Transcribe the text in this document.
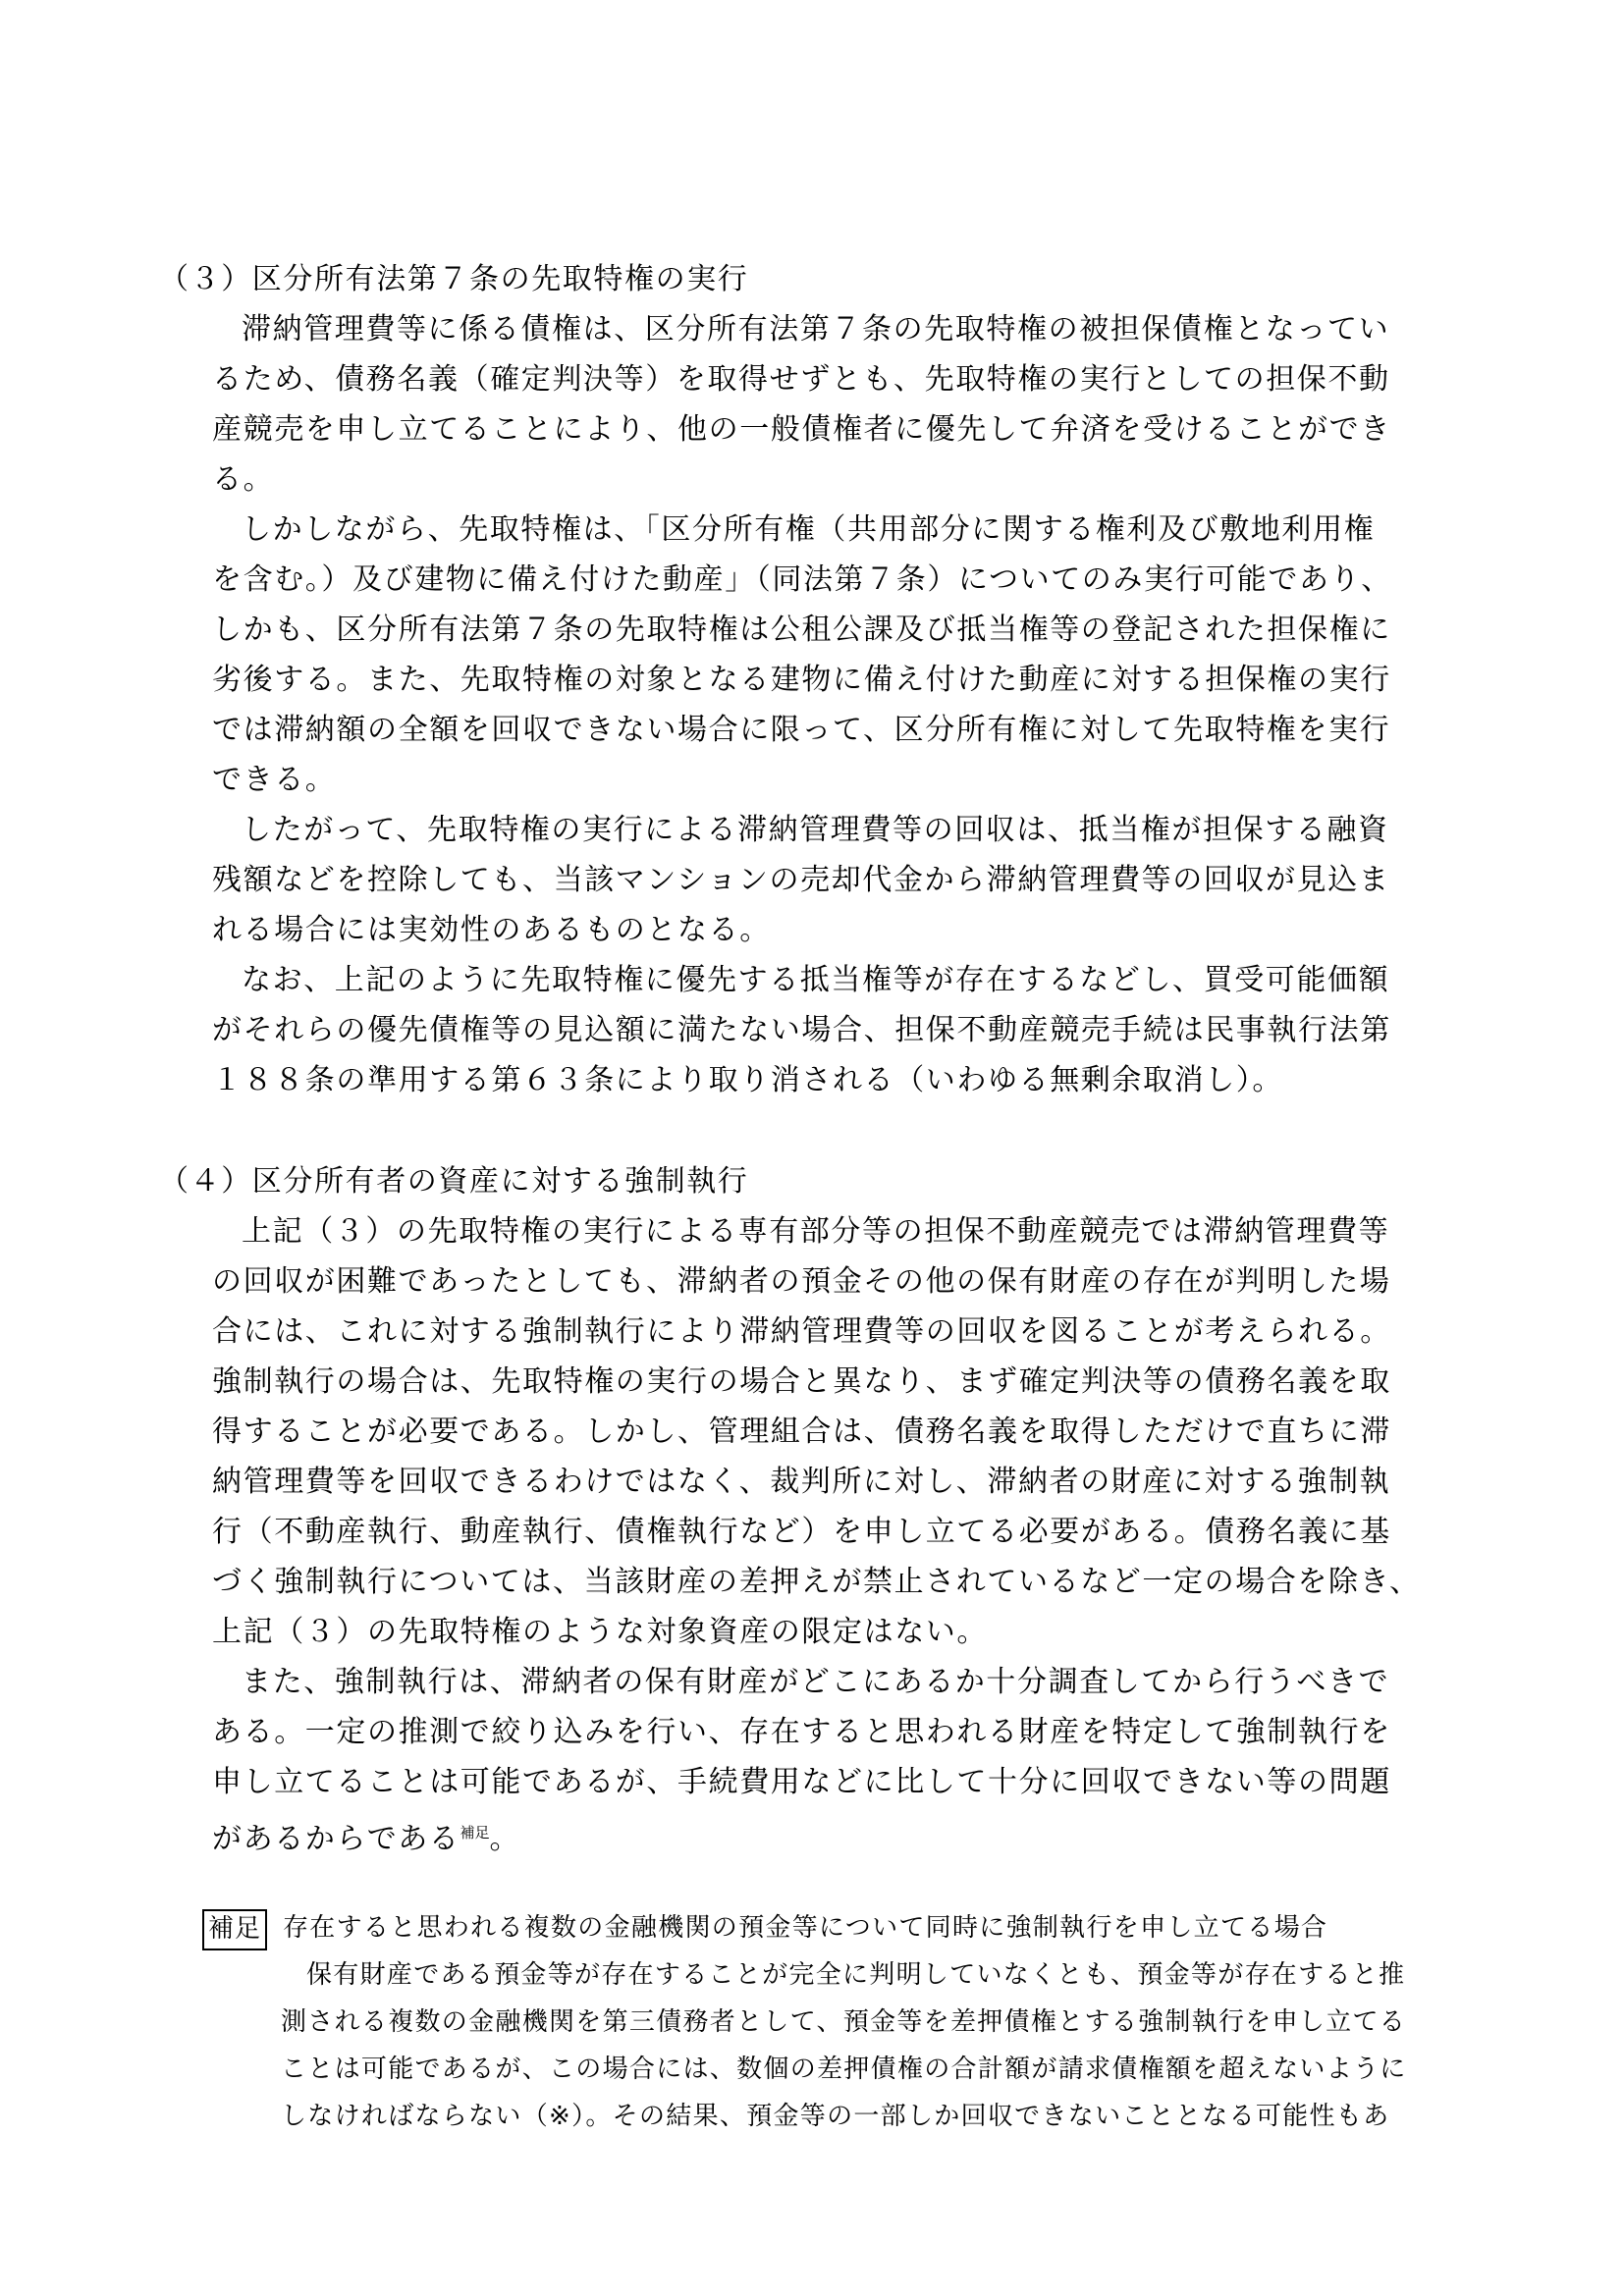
（３）区分所有法第７条の先取特権の実行
滞納管理費等に係る債権は、区分所有法第７条の先取特権の被担保債権となってい
るため、債務名義（確定判決等）を取得せずとも、先取特権の実行としての担保不動
産競売を申し立てることにより、他の一般債権者に優先して弁済を受けることができ
る。
しかしながら、先取特権は、「区分所有権（共用部分に関する権利及び敷地利用権
を含む。）及び建物に備え付けた動産」（同法第７条）についてのみ実行可能であり、
しかも、区分所有法第７条の先取特権は公租公課及び抵当権等の登記された担保権に
劣後する。また、先取特権の対象となる建物に備え付けた動産に対する担保権の実行
では滞納額の全額を回収できない場合に限って、区分所有権に対して先取特権を実行
できる。
したがって、先取特権の実行による滞納管理費等の回収は、抵当権が担保する融資
残額などを控除しても、当該マンションの売却代金から滞納管理費等の回収が見込ま
れる場合には実効性のあるものとなる。
なお、上記のように先取特権に優先する抵当権等が存在するなどし、買受可能価額
がそれらの優先債権等の見込額に満たない場合、担保不動産競売手続は民事執行法第
１８８条の準用する第６３条により取り消される（いわゆる無剰余取消し）。
（４）区分所有者の資産に対する強制執行
上記（３）の先取特権の実行による専有部分等の担保不動産競売では滞納管理費等
の回収が困難であったとしても、滞納者の預金その他の保有財産の存在が判明した場
合には、これに対する強制執行により滞納管理費等の回収を図ることが考えられる。
強制執行の場合は、先取特権の実行の場合と異なり、まず確定判決等の債務名義を取
得することが必要である。しかし、管理組合は、債務名義を取得しただけで直ちに滞
納管理費等を回収できるわけではなく、裁判所に対し、滞納者の財産に対する強制執
行（不動産執行、動産執行、債権執行など）を申し立てる必要がある。債務名義に基
づく強制執行については、当該財産の差押えが禁止されているなど一定の場合を除き、
上記（３）の先取特権のような対象資産の限定はない。
また、強制執行は、滞納者の保有財産がどこにあるか十分調査してから行うべきで
ある。一定の推測で絞り込みを行い、存在すると思われる財産を特定して強制執行を
申し立てることは可能であるが、手続費用などに比して十分に回収できない等の問題
があるからである$^{補足}$。
補足 存在すると思われる複数の金融機関の預金等について同時に強制執行を申し立てる場合
保有財産である預金等が存在することが完全に判明していなくとも、預金等が存在すると推
測される複数の金融機関を第三債務者として、預金等を差押債権とする強制執行を申し立てる
ことは可能であるが、この場合には、数個の差押債権の合計額が請求債権額を超えないように
しなければならない（※）。その結果、預金等の一部しか回収できないこととなる可能性もあ
